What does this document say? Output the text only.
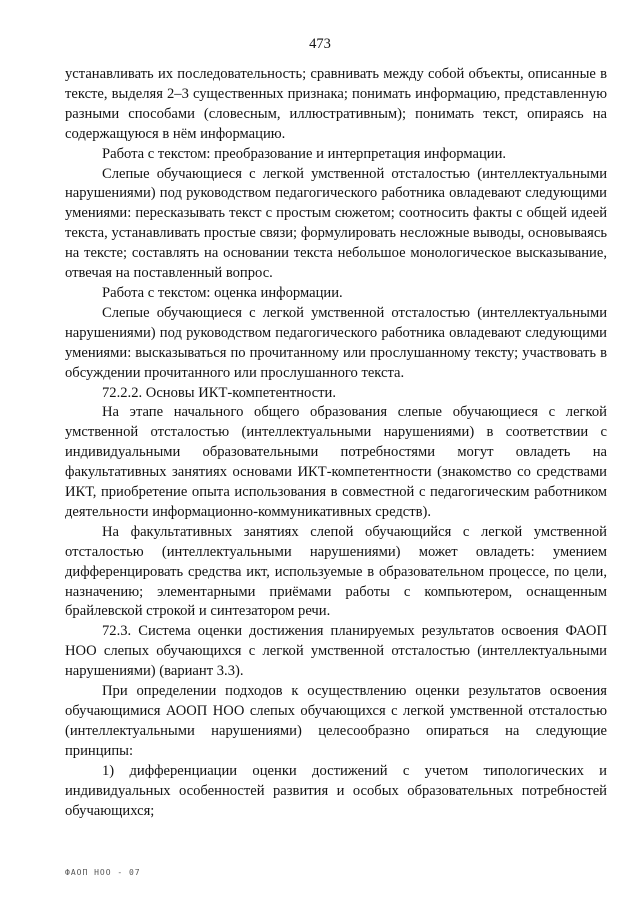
473

устанавливать их последовательность; сравнивать между собой объекты, описанные в тексте, выделяя 2–3 существенных признака; понимать информацию, представленную разными способами (словесным, иллюстративным); понимать текст, опираясь на содержащуюся в нём информацию.

Работа с текстом: преобразование и интерпретация информации.

Слепые обучающиеся с легкой умственной отсталостью (интеллектуальными нарушениями) под руководством педагогического работника овладевают следующими умениями: пересказывать текст с простым сюжетом; соотносить факты с общей идеей текста, устанавливать простые связи; формулировать несложные выводы, основываясь на тексте; составлять на основании текста небольшое монологическое высказывание, отвечая на поставленный вопрос.

Работа с текстом: оценка информации.

Слепые обучающиеся с легкой умственной отсталостью (интеллектуальными нарушениями) под руководством педагогического работника овладевают следующими умениями: высказываться по прочитанному или прослушанному тексту; участвовать в обсуждении прочитанного или прослушанного текста.

72.2.2. Основы ИКТ-компетентности.

На этапе начального общего образования слепые обучающиеся с легкой умственной отсталостью (интеллектуальными нарушениями) в соответствии с индивидуальными образовательными потребностями могут овладеть на факультативных занятиях основами ИКТ-компетентности (знакомство со средствами ИКТ, приобретение опыта использования в совместной с педагогическим работником деятельности информационно-коммуникативных средств).

На факультативных занятиях слепой обучающийся с легкой умственной отсталостью (интеллектуальными нарушениями) может овладеть: умением дифференцировать средства икт, используемые в образовательном процессе, по цели, назначению; элементарными приёмами работы с компьютером, оснащенным брайлевской строкой и синтезатором речи.

72.3. Система оценки достижения планируемых результатов освоения ФАОП НОО слепых обучающихся с легкой умственной отсталостью (интеллектуальными нарушениями) (вариант 3.3).

При определении подходов к осуществлению оценки результатов освоения обучающимися АООП НОО слепых обучающихся с легкой умственной отсталостью (интеллектуальными нарушениями) целесообразно опираться на следующие принципы:

1) дифференциации оценки достижений с учетом типологических и индивидуальных особенностей развития и особых образовательных потребностей обучающихся;

ФАОП НОО - 07
